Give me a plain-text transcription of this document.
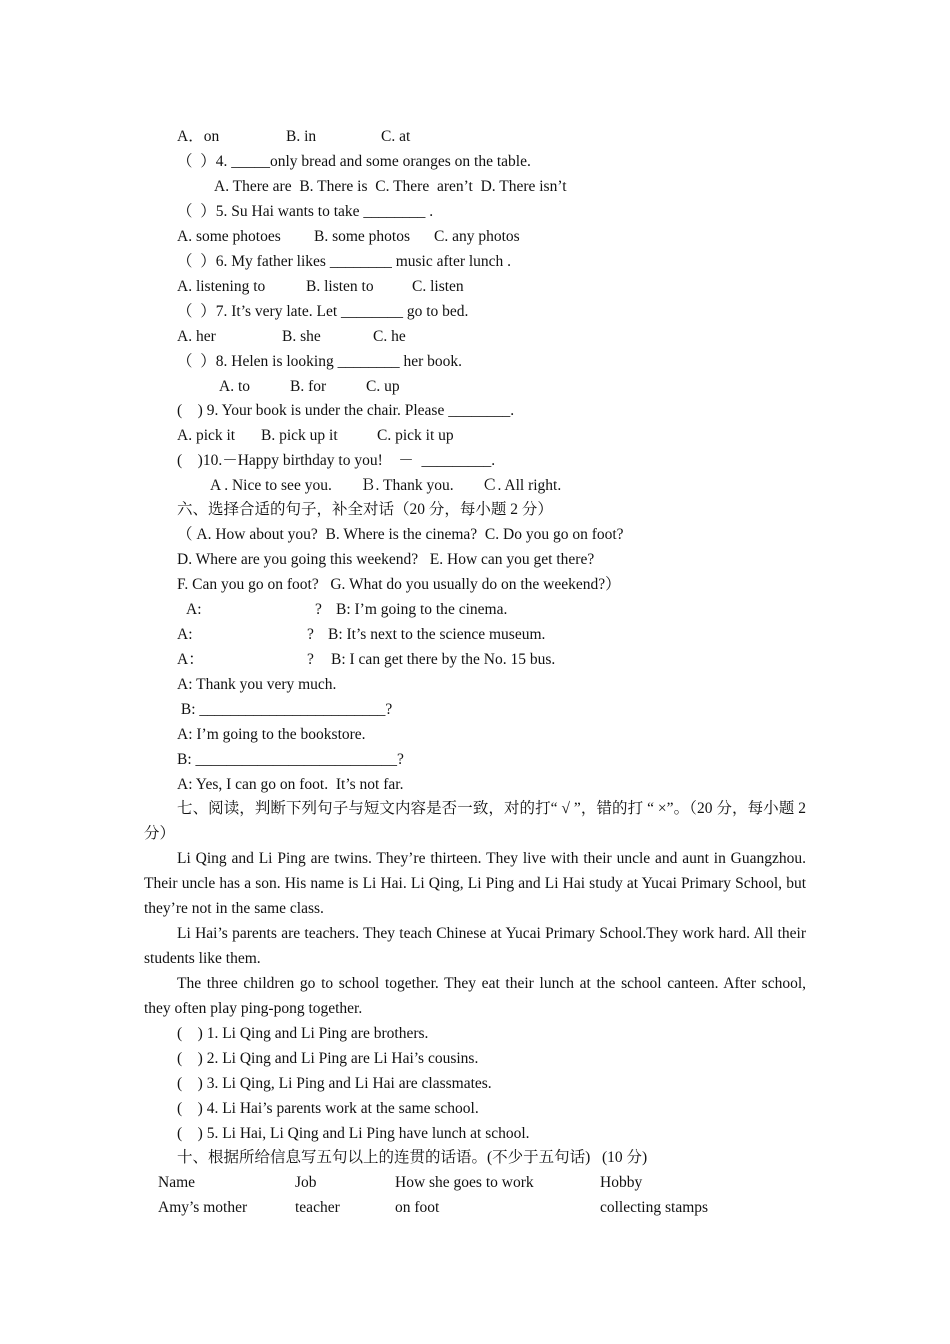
A．on	B. in	C. at
（  ）4. _____only bread and some oranges on the table.
A. There are  B. There is  C. There  aren’t  D. There isn’t
（  ）5. Su Hai wants to take ________ .
A. some photoes B. some photos C. any photos
（  ）6. My father likes ________ music after lunch .
A. listening to	B. listen to C. listen
（  ）7. It’s very late. Let ________ go to bed.
A. her	B. she	C. he
（  ）8. Helen is looking ________ her book.
A. to	B. for	C. up
(    ) 9. Your book is under the chair. Please ________.
A. pick it B. pick up it	C. pick it up
(    )10.－Happy birthday to you!    －  _________.
A . Nice to see you. Ｂ. Thank you. Ｃ. All right.
六、选择合适的句子，补全对话（20 分，每小题 2 分）
（ A. How about you?  B. Where is the cinema?  C. Do you go on foot?
D. Where are you going this weekend?   E. How can you get there?
F. Can you go on foot?   G. What do you usually do on the weekend?）
A:	? B: I’m going to the cinema.
A:	? B: It’s next to the science museum.
A：	? B: I can get there by the No. 15 bus.
A: Thank you very much.
B: ________________________?
A: I’m going to the bookstore.
B: __________________________?
A: Yes, I can go on foot.  It’s not far.
七、阅读，判断下列句子与短文内容是否一致，对的打“ √ ”，错的打 “ ×”。（20 分，每小题 2 分）
Li Qing and Li Ping are twins. They’re thirteen. They live with their uncle and aunt in Guangzhou. Their uncle has a son. His name is Li Hai. Li Qing, Li Ping and Li Hai study at Yucai Primary School, but they’re not in the same class.
Li Hai’s parents are teachers. They teach Chinese at Yucai Primary School.They work hard. All their students like them.
The three children go to school together. They eat their lunch at the school canteen. After school, they often play ping-pong together.
(    ) 1. Li Qing and Li Ping are brothers.
(    ) 2. Li Qing and Li Ping are Li Hai’s cousins.
(    ) 3. Li Qing, Li Ping and Li Hai are classmates.
(    ) 4. Li Hai’s parents work at the same school.
(    ) 5. Li Hai, Li Qing and Li Ping have lunch at school.
十、根据所给信息写五句以上的连贯的话语。(不少于五句话)   (10 分)
Name	Job	How she goes to work	Hobby
Amy’s mother	teacher	on foot	collecting stamps
